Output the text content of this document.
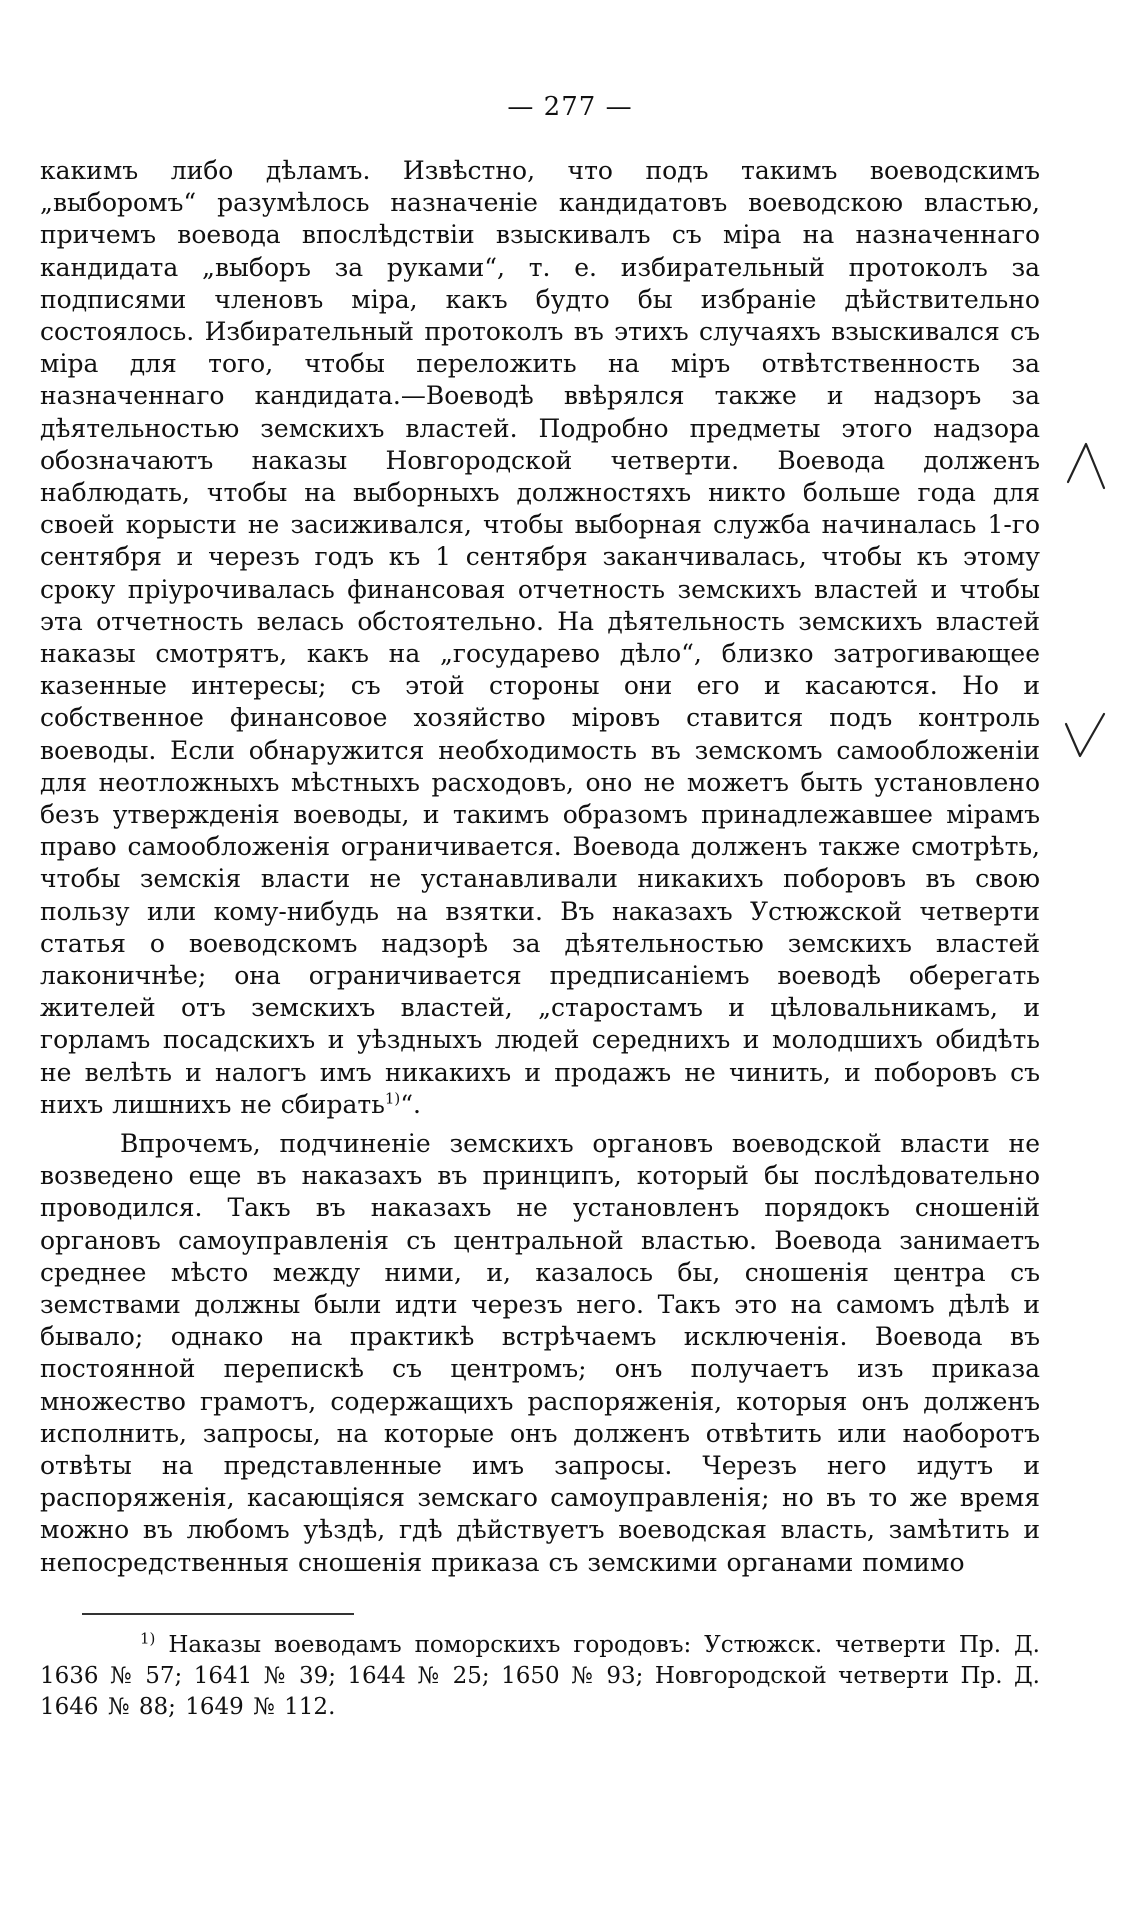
— 277 —
какимъ либо дѣламъ. Извѣстно, что подъ такимъ воеводскимъ „выборомъ“ разумѣлось назначеніе кандидатовъ воеводскою властью, причемъ воевода впослѣдствіи взыскивалъ съ міра на назначеннаго кандидата „выборъ за руками“, т. е. избирательный протоколъ за подписями членовъ міра, какъ будто бы избраніе дѣйствительно состоялось. Избирательный протоколъ въ этихъ случаяхъ взыскивался съ міра для того, чтобы переложить на міръ отвѣтственность за назначеннаго кандидата.—Воеводѣ ввѣрялся также и надзоръ за дѣятельностью земскихъ властей. Подробно предметы этого надзора обозначаютъ наказы Новгородской четверти. Воевода долженъ наблюдать, чтобы на выборныхъ должностяхъ никто больше года для своей корысти не засиживался, чтобы выборная служба начиналась 1-го сентября и черезъ годъ къ 1 сентября заканчивалась, чтобы къ этому сроку пріурочивалась финансовая отчетность земскихъ властей и чтобы эта отчетность велась обстоятельно. На дѣятельность земскихъ властей наказы смотрятъ, какъ на „государево дѣло“, близко затрогивающее казенные интересы; съ этой стороны они его и касаются. Но и собственное финансовое хозяйство міровъ ставится подъ контроль воеводы. Если обнаружится необходимость въ земскомъ самообложеніи для неотложныхъ мѣстныхъ расходовъ, оно не можетъ быть установлено безъ утвержденія воеводы, и такимъ образомъ принадлежавшее мірамъ право самообложенія ограничивается. Воевода долженъ также смотрѣть, чтобы земскія власти не устанавливали никакихъ поборовъ въ свою пользу или кому-нибудь на взятки. Въ наказахъ Устюжской четверти статья о воеводскомъ надзорѣ за дѣятельностью земскихъ властей лаконичнѣе; она ограничивается предписаніемъ воеводѣ оберегать жителей отъ земскихъ властей, „старостамъ и цѣловальникамъ, и горламъ посадскихъ и уѣздныхъ людей середнихъ и молодшихъ обидѣть не велѣть и налогъ имъ никакихъ и продажъ не чинить, и поборовъ съ нихъ лишнихъ не сбирать$^{1)}$“.
Впрочемъ, подчиненіе земскихъ органовъ воеводской власти не возведено еще въ наказахъ въ принципъ, который бы послѣдовательно проводился. Такъ въ наказахъ не установленъ порядокъ сношеній органовъ самоуправленія съ центральной властью. Воевода занимаетъ среднее мѣсто между ними, и, казалось бы, сношенія центра съ земствами должны были идти черезъ него. Такъ это на самомъ дѣлѣ и бывало; однако на практикѣ встрѣчаемъ исключенія. Воевода въ постоянной перепискѣ съ центромъ; онъ получаетъ изъ приказа множество грамотъ, содержащихъ распоряженія, которыя онъ долженъ исполнить, запросы, на которые онъ долженъ отвѣтить или наоборотъ отвѣты на представленные имъ запросы. Черезъ него идутъ и распоряженія, касающіяся земскаго самоуправленія; но въ то же время можно въ любомъ уѣздѣ, гдѣ дѣйствуетъ воеводская власть, замѣтить и непосредственныя сношенія приказа съ земскими органами помимо
$^{1)}$ Наказы воеводамъ поморскихъ городовъ: Устюжск. четверти Пр. Д. 1636 № 57; 1641 № 39; 1644 № 25; 1650 № 93; Новгородской четверти Пр. Д. 1646 № 88; 1649 № 112.
